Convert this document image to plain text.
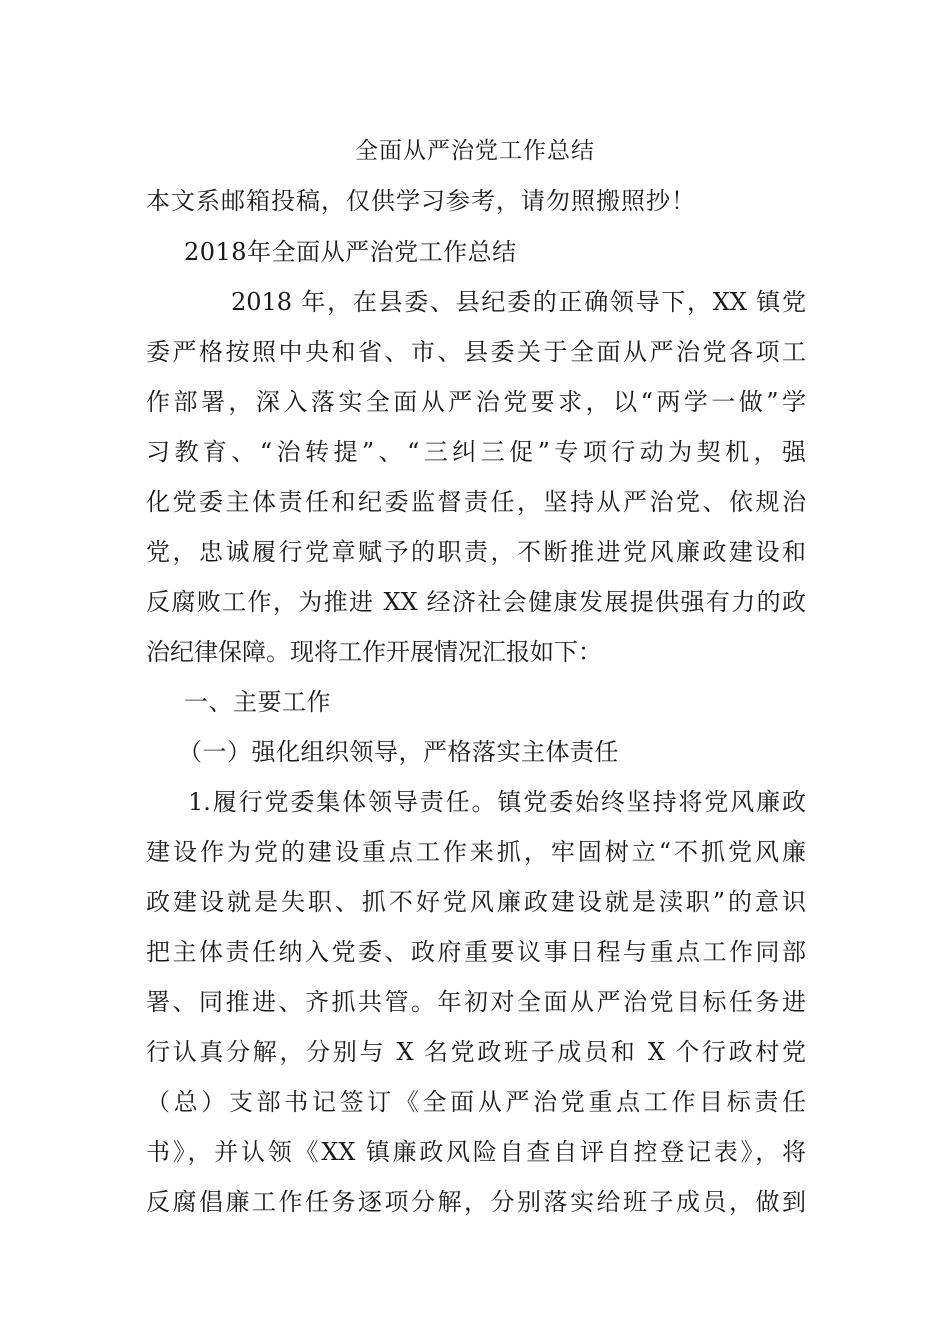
全面从严治党工作总结
本文系邮箱投稿，仅供学习参考，请勿照搬照抄！
2018年全面从严治党工作总结
2018 年，在县委、县纪委的正确领导下，XX 镇党
委严格按照中央和省、市、县委关于全面从严治党各项工
作部署，深入落实全面从严治党要求，以“两学一做”学
习教育、“治转提”、“三纠三促”专项行动为契机，强
化党委主体责任和纪委监督责任，坚持从严治党、依规治
党，忠诚履行党章赋予的职责，不断推进党风廉政建设和
反腐败工作，为推进 XX 经济社会健康发展提供强有力的政
治纪律保障。现将工作开展情况汇报如下：
一、主要工作
（一）强化组织领导，严格落实主体责任
1.履行党委集体领导责任。镇党委始终坚持将党风廉政
建设作为党的建设重点工作来抓，牢固树立“不抓党风廉
政建设就是失职、抓不好党风廉政建设就是渎职”的意识
把主体责任纳入党委、政府重要议事日程与重点工作同部
署、同推进、齐抓共管。年初对全面从严治党目标任务进
行认真分解，分别与 X 名党政班子成员和 X 个行政村党
（总）支部书记签订《全面从严治党重点工作目标责任
书》，并认领《XX 镇廉政风险自查自评自控登记表》，将
反腐倡廉工作任务逐项分解，分别落实给班子成员，做到
